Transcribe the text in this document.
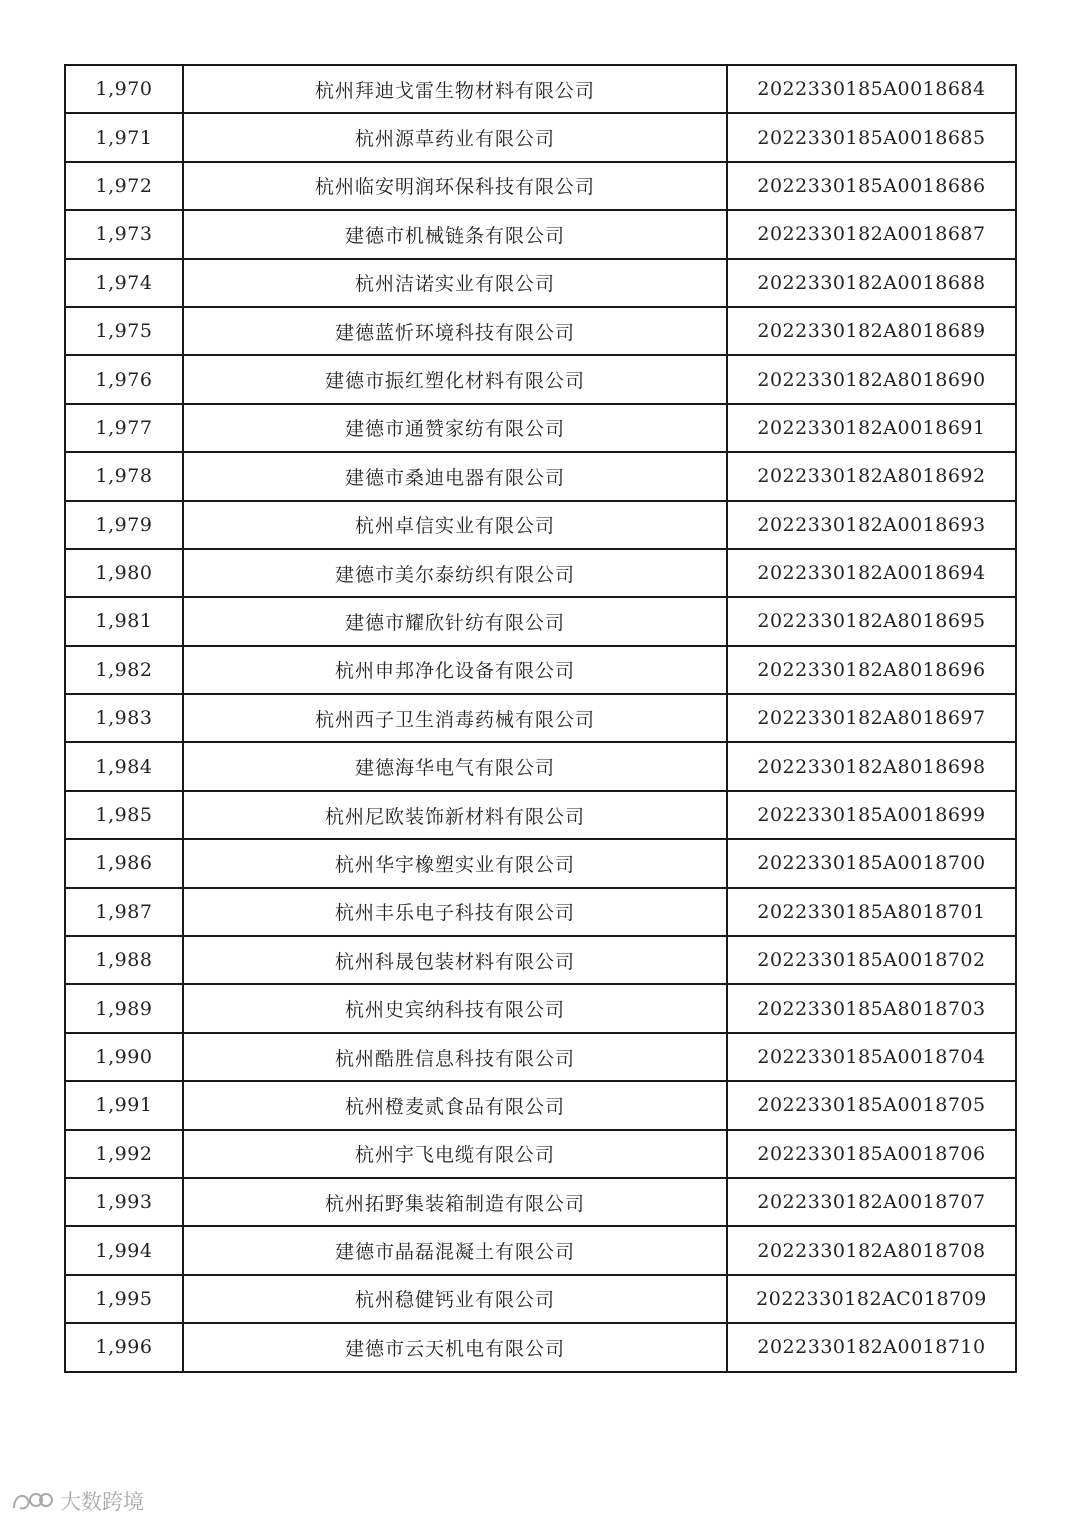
1,970	杭州拜迪戈雷生物材料有限公司	2022330185A0018684
1,971	杭州源草药业有限公司	2022330185A0018685
1,972	杭州临安明润环保科技有限公司	2022330185A0018686
1,973	建德市机械链条有限公司	2022330182A0018687
1,974	杭州洁诺实业有限公司	2022330182A0018688
1,975	建德蓝忻环境科技有限公司	2022330182A8018689
1,976	建德市振红塑化材料有限公司	2022330182A8018690
1,977	建德市通赞家纺有限公司	2022330182A0018691
1,978	建德市桑迪电器有限公司	2022330182A8018692
1,979	杭州卓信实业有限公司	2022330182A0018693
1,980	建德市美尔泰纺织有限公司	2022330182A0018694
1,981	建德市耀欣针纺有限公司	2022330182A8018695
1,982	杭州申邦净化设备有限公司	2022330182A8018696
1,983	杭州西子卫生消毒药械有限公司	2022330182A8018697
1,984	建德海华电气有限公司	2022330182A8018698
1,985	杭州尼欧装饰新材料有限公司	2022330185A0018699
1,986	杭州华宇橡塑实业有限公司	2022330185A0018700
1,987	杭州丰乐电子科技有限公司	2022330185A8018701
1,988	杭州科晟包装材料有限公司	2022330185A0018702
1,989	杭州史宾纳科技有限公司	2022330185A8018703
1,990	杭州酷胜信息科技有限公司	2022330185A0018704
1,991	杭州橙麦贰食品有限公司	2022330185A0018705
1,992	杭州宇飞电缆有限公司	2022330185A0018706
1,993	杭州拓野集装箱制造有限公司	2022330182A0018707
1,994	建德市晶磊混凝土有限公司	2022330182A8018708
1,995	杭州稳健钙业有限公司	2022330182AC018709
1,996	建德市云天机电有限公司	2022330182A0018710
大数跨境
